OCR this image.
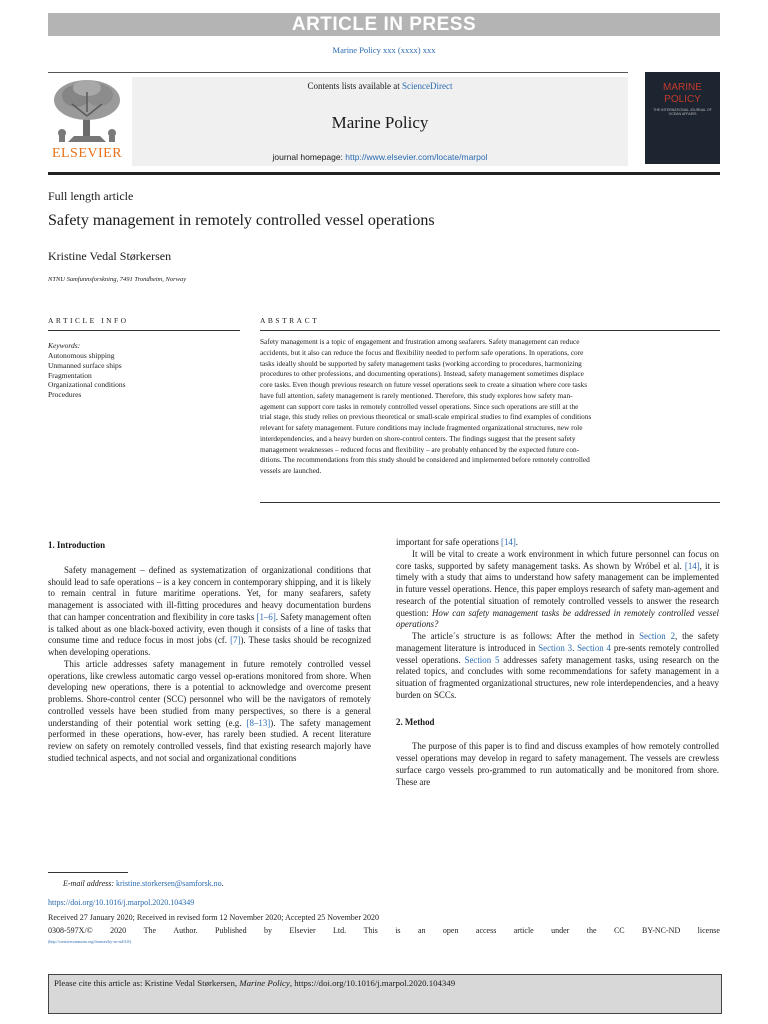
ARTICLE IN PRESS
Marine Policy xxx (xxxx) xxx
ELSEVIER
Contents lists available at ScienceDirect
Marine Policy
journal homepage: http://www.elsevier.com/locate/marpol
MARINE
POLICY
THE INTERNATIONAL JOURNAL OF OCEAN AFFAIRS
Full length article
Safety management in remotely controlled vessel operations
Kristine Vedal Størkersen
NTNU Samfunnsforskning, 7491 Trondheim, Norway
ARTICLE INFO
Keywords:
Autonomous shipping
Unmanned surface ships
Fragmentation
Organizational conditions
Procedures
ABSTRACT
Safety management is a topic of engagement and frustration among seafarers. Safety management can reduce
accidents, but it also can reduce the focus and flexibility needed to perform safe operations. In operations, core
tasks ideally should be supported by safety management tasks (working according to procedures, harmonizing
procedures to other professions, and documenting operations). Instead, safety management sometimes displace
core tasks. Even though previous research on future vessel operations seek to create a situation where core tasks
have full attention, safety management is rarely mentioned. Therefore, this study explores how safety man-
agement can support core tasks in remotely controlled vessel operations. Since such operations are still at the
trial stage, this study relies on previous theoretical or small-scale empirical studies to find examples of conditions
relevant for safety management. Future conditions may include fragmented organizational structures, new role
interdependencies, and a heavy burden on shore-control centers. The findings suggest that the present safety
management weaknesses – reduced focus and flexibility – are probably enhanced by the expected future con-
ditions. The recommendations from this study should be considered and implemented before remotely controlled
vessels are launched.
1. Introduction

Safety management – defined as systematization of organizational conditions that should lead to safe operations – is a key concern in contemporary shipping, and it is likely to remain central in future maritime operations. Yet, for many seafarers, safety management is associated with ill-fitting procedures and heavy documentation burdens that can hamper concentration and flexibility in core tasks [1–6]. Safety management often is talked about as one black-boxed activity, even though it consists of a line of tasks that consume time and reduce focus in most jobs (cf. [7]). These tasks should be recognized when developing operations.

This article addresses safety management in future remotely controlled vessel operations, like crewless automatic cargo vessel op-erations monitored from shore. When developing new operations, there is a potential to acknowledge and overcome present problems. Shore-control center (SCC) personnel who will be the navigators of remotely controlled vessels have been studied from many perspectives, so there is a general understanding of their potential work setting (e.g. [8–13]). The safety management performed in these operations, how-ever, has rarely been studied. A recent literature review on safety on remotely controlled vessels, find that existing research majorly have studied technical aspects, and not social and organizational conditions

important for safe operations [14].

It will be vital to create a work environment in which future personnel can focus on core tasks, supported by safety management tasks. As shown by Wróbel et al. [14], it is timely with a study that aims to understand how safety management can be implemented in future vessel operations. Hence, this paper employs research of safety man-agement and research of the potential situation of remotely controlled vessels to answer the research question: How can safety management tasks be addressed in remotely controlled vessel operations?

The article´s structure is as follows: After the method in Section 2, the safety management literature is introduced in Section 3. Section 4 pre-sents remotely controlled vessel operations. Section 5 addresses safety management tasks, using research on the related topics, and concludes with some recommendations for safety management in a situation of fragmented organizational structures, new role interdependencies, and a heavy burden on SCCs.

2. Method

The purpose of this paper is to find and discuss examples of how remotely controlled vessel operations may develop in regard to safety management. The vessels are crewless surface cargo vessels pro-grammed to run automatically and be monitored from shore. These are

E-mail address: kristine.storkersen@samforsk.no.
https://doi.org/10.1016/j.marpol.2020.104349
Received 27 January 2020; Received in revised form 12 November 2020; Accepted 25 November 2020
0308-597X/© 2020 The Author. Published by Elsevier Ltd. This is an open access article under the CC BY-NC-ND license
(http://creativecommons.org/licenses/by-nc-nd/4.0/).
Please cite this article as: Kristine Vedal Størkersen, Marine Policy, https://doi.org/10.1016/j.marpol.2020.104349
